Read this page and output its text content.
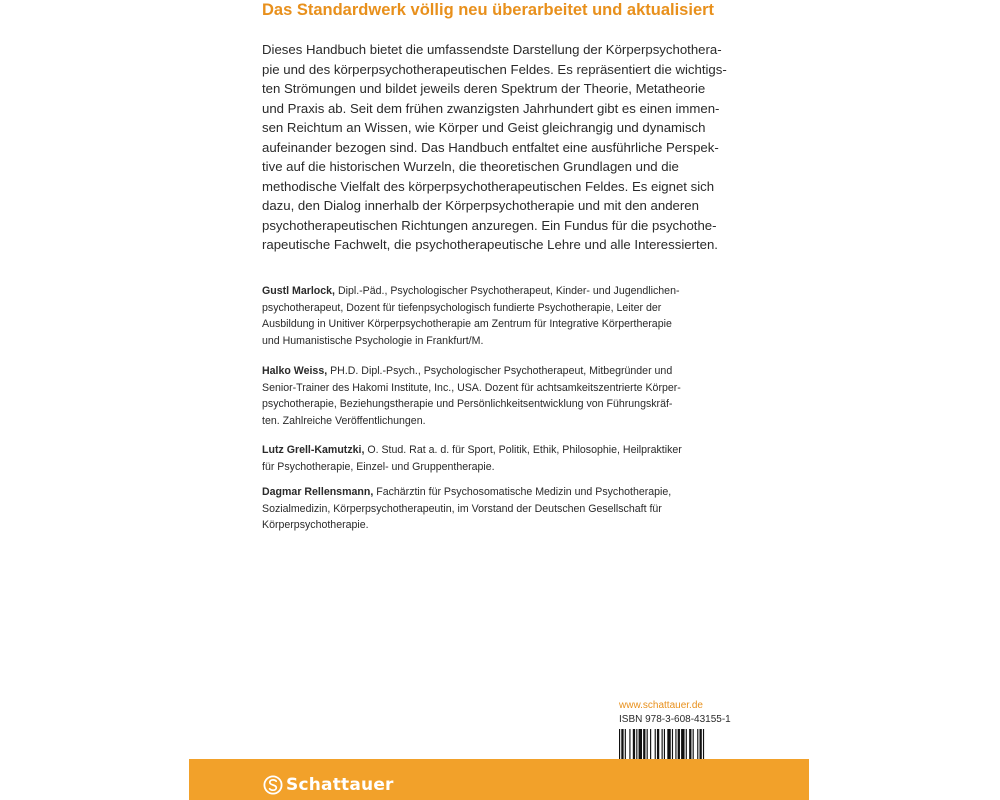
Das Standardwerk völlig neu überarbeitet und aktualisiert

Dieses Handbuch bietet die umfassendste Darstellung der Körperpsychothera-
pie und des körperpsychotherapeutischen Feldes. Es repräsentiert die wichtigs-
ten Strömungen und bildet jeweils deren Spektrum der Theorie, Metatheorie
und Praxis ab. Seit dem frühen zwanzigsten Jahrhundert gibt es einen immen-
sen Reichtum an Wissen, wie Körper und Geist gleichrangig und dynamisch
aufeinander bezogen sind. Das Handbuch entfaltet eine ausführliche Perspek-
tive auf die historischen Wurzeln, die theoretischen Grundlagen und die
methodische Vielfalt des körperpsychotherapeutischen Feldes. Es eignet sich
dazu, den Dialog innerhalb der Körperpsychotherapie und mit den anderen
psychotherapeutischen Richtungen anzuregen. Ein Fundus für die psychothe-
rapeutische Fachwelt, die psychotherapeutische Lehre und alle Interessierten.

Gustl Marlock, Dipl.-Päd., Psychologischer Psychotherapeut, Kinder- und Jugendlichen-
psychotherapeut, Dozent für tiefenpsychologisch fundierte Psychotherapie, Leiter der
Ausbildung in Unitiver Körperpsychotherapie am Zentrum für Integrative Körpertherapie
und Humanistische Psychologie in Frankfurt/M.

Halko Weiss, PH.D. Dipl.-Psych., Psychologischer Psychotherapeut, Mitbegründer und
Senior-Trainer des Hakomi Institute, Inc., USA. Dozent für achtsamkeitszentrierte Körper-
psychotherapie, Beziehungstherapie und Persönlichkeitsentwicklung von Führungskräf-
ten. Zahlreiche Veröffentlichungen.

Lutz Grell-Kamutzki, O. Stud. Rat a. d. für Sport, Politik, Ethik, Philosophie, Heilpraktiker
für Psychotherapie, Einzel- und Gruppentherapie.

Dagmar Rellensmann, Fachärztin für Psychosomatische Medizin und Psychotherapie,
Sozialmedizin, Körperpsychotherapeutin, im Vorstand der Deutschen Gesellschaft für
Körperpsychotherapie.

www.schattauer.de
ISBN 978-3-608-43155-1
Schattauer
